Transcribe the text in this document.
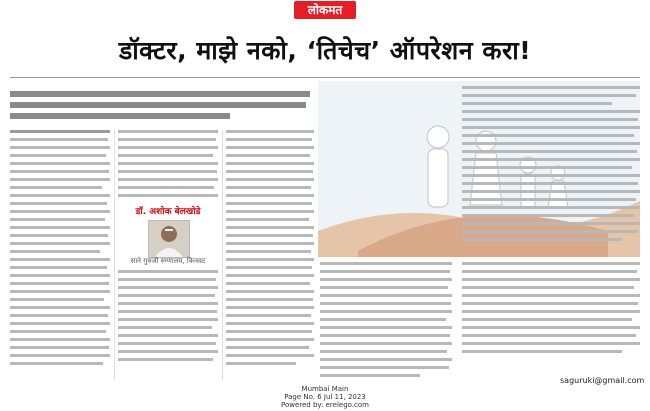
लोकमत
डॉक्टर, माझे नको, ‘तिचेच’ ऑपरेशन करा!
डॉ. अशोक बेलखोडे
साने गुरुजी रुग्णालय, किनवट
saguruki@gmail.com
Mumbai Main
Page No. 6 Jul 11, 2023
Powered by: erelego.com
